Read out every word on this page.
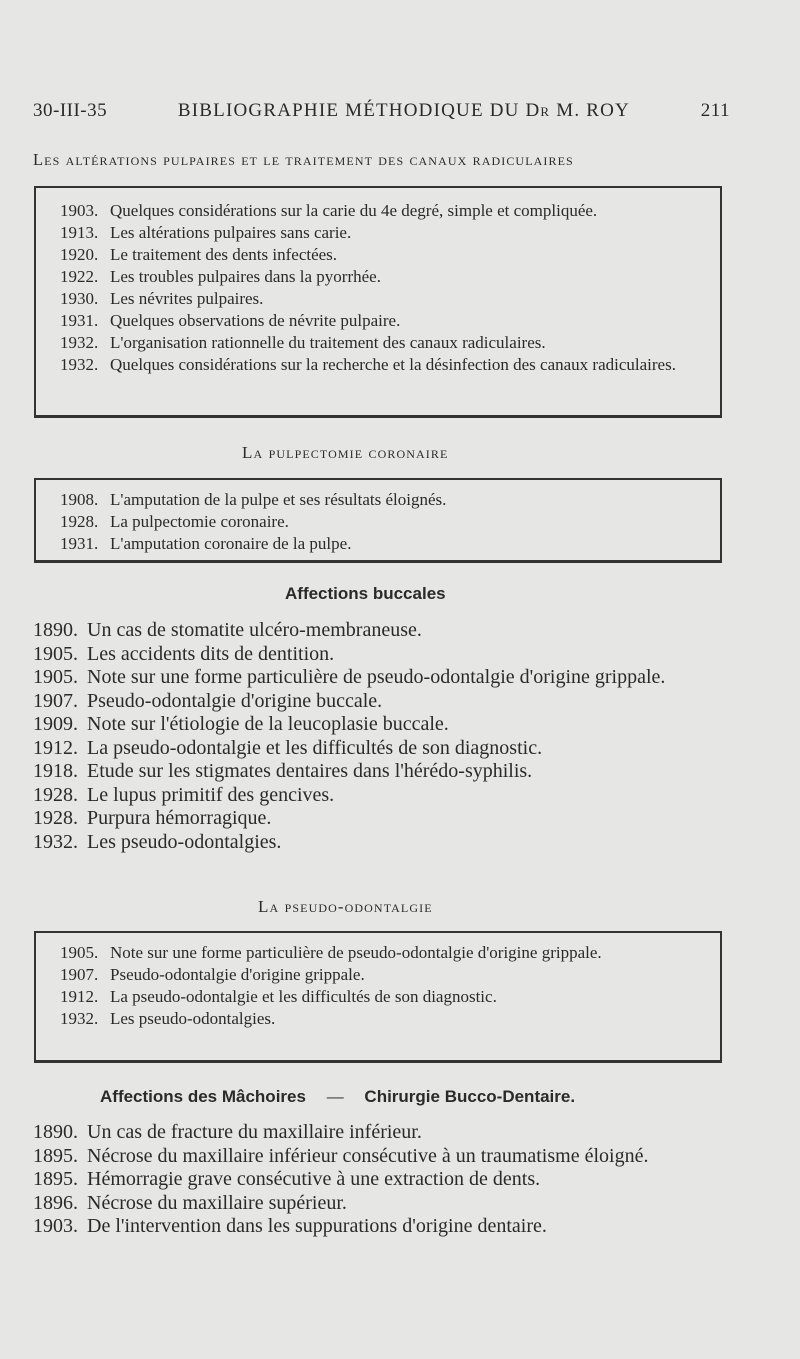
30-III-35	BIBLIOGRAPHIE MÉTHODIQUE DU Dr M. ROY	211
Les altérations pulpaires et le traitement des canaux radiculaires
1903. Quelques considérations sur la carie du 4e degré, simple et compliquée.
1913. Les altérations pulpaires sans carie.
1920. Le traitement des dents infectées.
1922. Les troubles pulpaires dans la pyorrhée.
1930. Les névrites pulpaires.
1931. Quelques observations de névrite pulpaire.
1932. L'organisation rationnelle du traitement des canaux radiculaires.
1932. Quelques considérations sur la recherche et la désinfection des canaux radiculaires.
La pulpectomie coronaire
1908. L'amputation de la pulpe et ses résultats éloignés.
1928. La pulpectomie coronaire.
1931. L'amputation coronaire de la pulpe.
Affections buccales
1890. Un cas de stomatite ulcéro-membraneuse.
1905. Les accidents dits de dentition.
1905. Note sur une forme particulière de pseudo-odontalgie d'origine grippale.
1907. Pseudo-odontalgie d'origine buccale.
1909. Note sur l'étiologie de la leucoplasie buccale.
1912. La pseudo-odontalgie et les difficultés de son diagnostic.
1918. Etude sur les stigmates dentaires dans l'hérédo-syphilis.
1928. Le lupus primitif des gencives.
1928. Purpura hémorragique.
1932. Les pseudo-odontalgies.
La pseudo-odontalgie
1905. Note sur une forme particulière de pseudo-odontalgie d'origine grippale.
1907. Pseudo-odontalgie d'origine grippale.
1912. La pseudo-odontalgie et les difficultés de son diagnostic.
1932. Les pseudo-odontalgies.
Affections des Mâchoires — Chirurgie Bucco-Dentaire.
1890. Un cas de fracture du maxillaire inférieur.
1895. Nécrose du maxillaire inférieur consécutive à un traumatisme éloigné.
1895. Hémorragie grave consécutive à une extraction de dents.
1896. Nécrose du maxillaire supérieur.
1903. De l'intervention dans les suppurations d'origine dentaire.
